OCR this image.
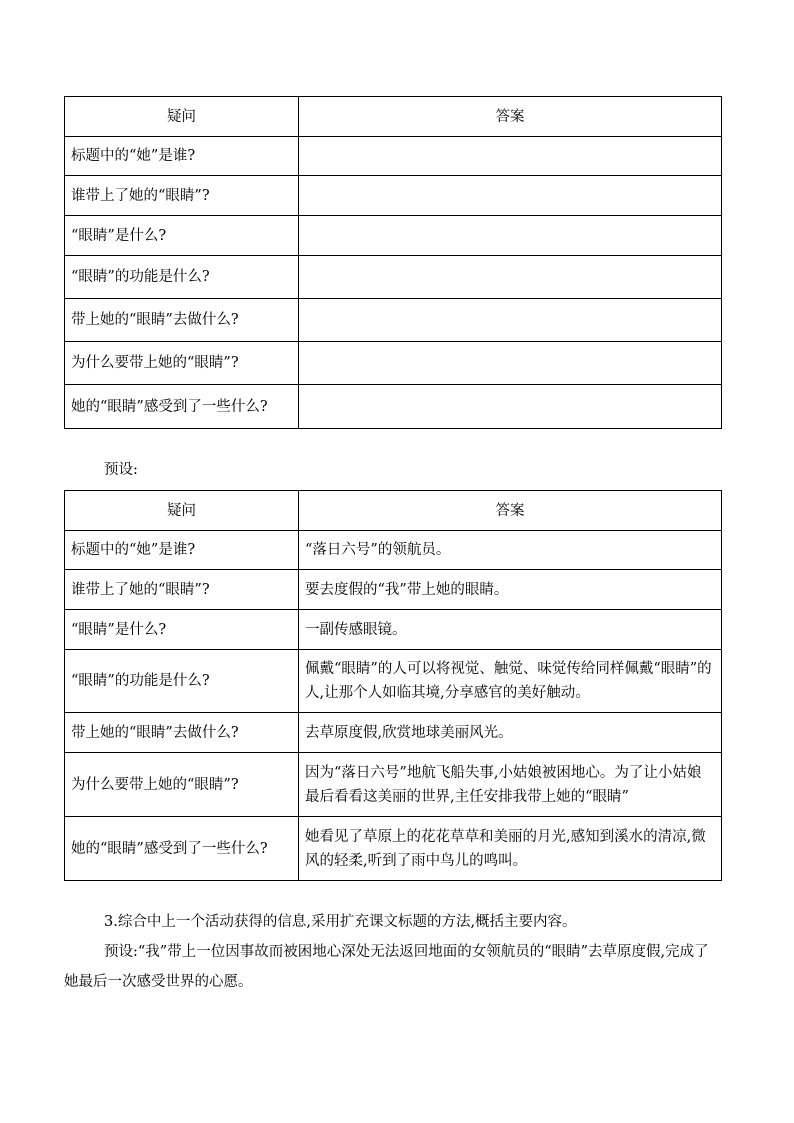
疑问	答案
标题中的“她”是谁?	
谁带上了她的“眼睛”?	
“眼睛”是什么?	
“眼睛”的功能是什么?	
带上她的“眼睛”去做什么?	
为什么要带上她的“眼睛”?	
她的“眼睛”感受到了一些什么?	

预设:

疑问	答案
标题中的“她”是谁?	“落日六号”的领航员。
谁带上了她的“眼睛”?	要去度假的“我”带上她的眼睛。
“眼睛”是什么?	一副传感眼镜。
“眼睛”的功能是什么?	佩戴“眼睛”的人可以将视觉、触觉、味觉传给同样佩戴“眼睛”的人,让那个人如临其境,分享感官的美好触动。
带上她的“眼睛”去做什么?	去草原度假,欣赏地球美丽风光。
为什么要带上她的“眼睛”?	因为“落日六号”地航飞船失事,小姑娘被困地心。为了让小姑娘最后看看这美丽的世界,主任安排我带上她的“眼睛”
她的“眼睛”感受到了一些什么?	她看见了草原上的花花草草和美丽的月光,感知到溪水的清凉,微风的轻柔,听到了雨中鸟儿的鸣叫。

3.综合中上一个活动获得的信息,采用扩充课文标题的方法,概括主要内容。

预设:“我”带上一位因事故而被困地心深处无法返回地面的女领航员的“眼睛”去草原度假,完成了她最后一次感受世界的心愿。
